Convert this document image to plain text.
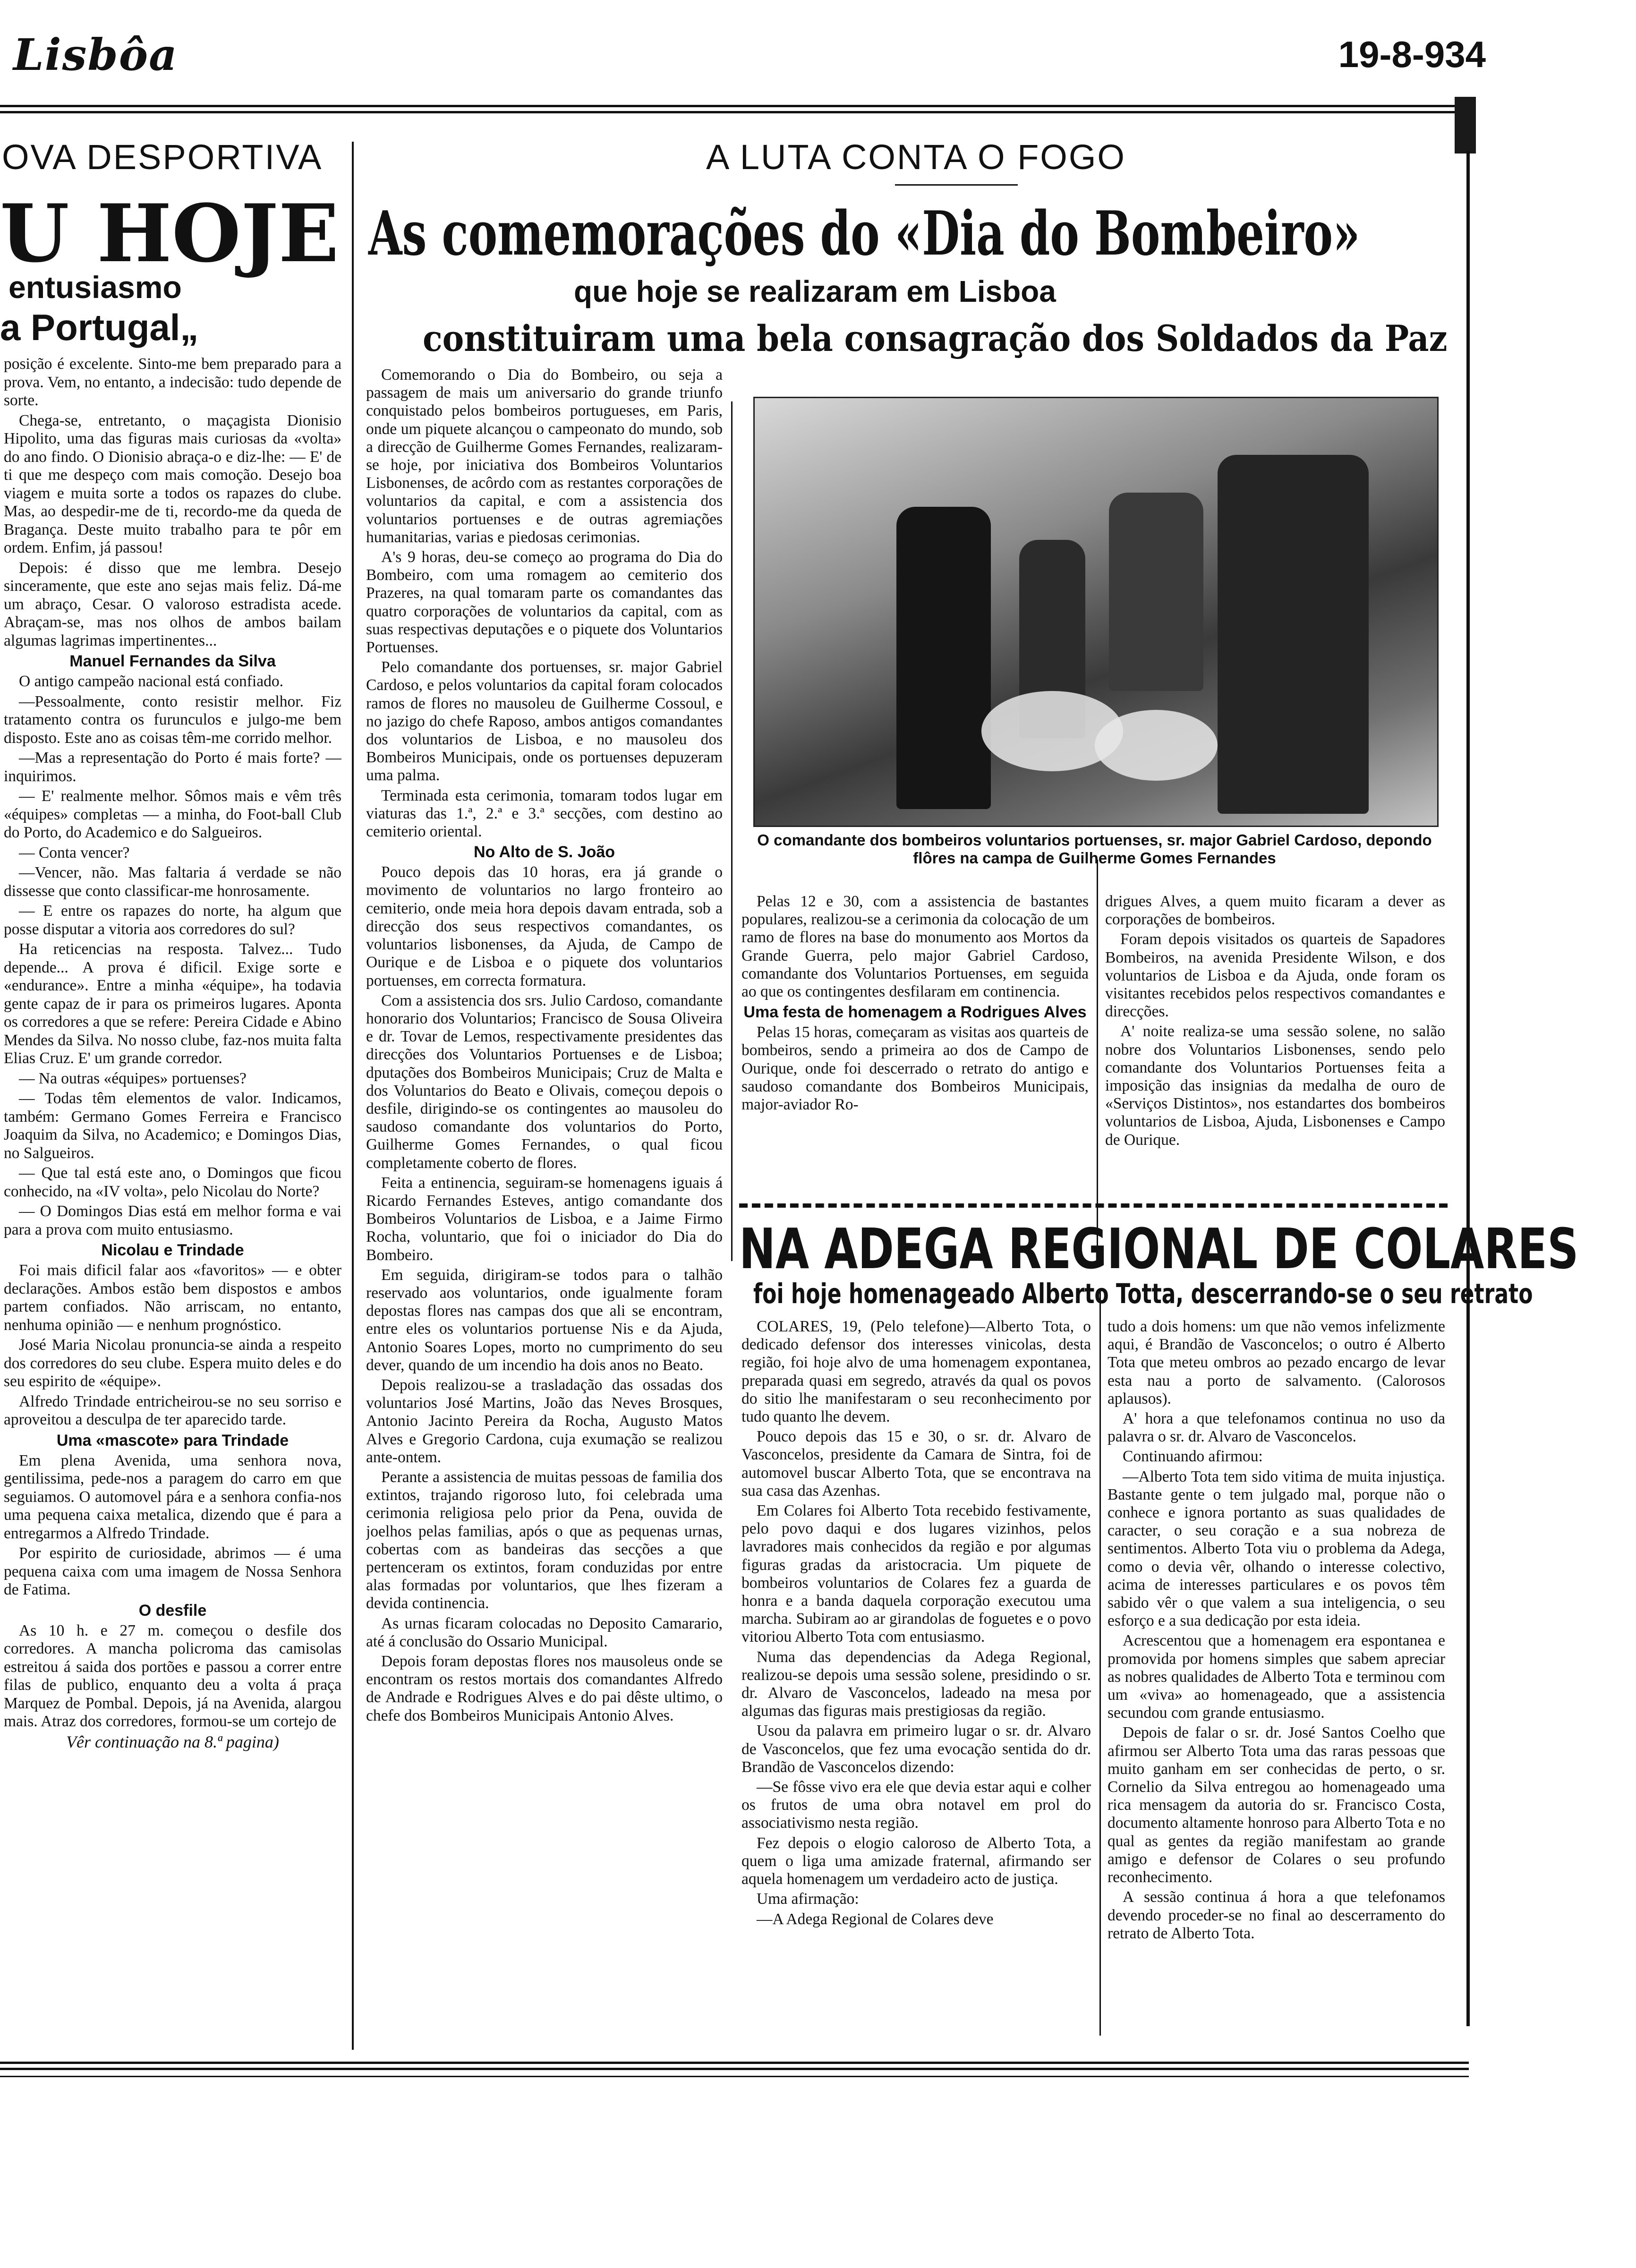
Lisbôa	19-8-934
ΟVA DESPORTIVA
U HOJE
entusiasmo
a Portugal„

posição é excelente. Sinto-me bem preparado para a prova. Vem, no entanto, a indecisão: tudo depende de sorte.

Chega-se, entretanto, o maçagista Dionisio Hipolito, uma das figuras mais curiosas da «volta» do ano findo. O Dionisio abraça-o e diz-lhe: — E' de ti que me despeço com mais comoção. Desejo boa viagem e muita sorte a todos os rapazes do clube. Mas, ao despedir-me de ti, recordo-me da queda de Bragança. Deste muito trabalho para te pôr em ordem. Enfim, já passou!

Depois: é disso que me lembra. Desejo sinceramente, que este ano sejas mais feliz. Dá-me um abraço, Cesar. O valoroso estradista acede. Abraçam-se, mas nos olhos de ambos bailam algumas lagrimas impertinentes...

Manuel Fernandes da Silva

O antigo campeão nacional está confiado.

—Pessoalmente, conto resistir melhor. Fiz tratamento contra os furunculos e julgo-me bem disposto. Este ano as coisas têm-me corrido melhor.

—Mas a representação do Porto é mais forte? — inquirimos.

— E' realmente melhor. Sômos mais e vêm três «équipes» completas — a minha, do Foot-ball Club do Porto, do Academico e do Salgueiros.

— Conta vencer?

—Vencer, não. Mas faltaria á verdade se não dissesse que conto classificar-me honrosamente.

— E entre os rapazes do norte, ha algum que posse disputar a vitoria aos corredores do sul?

Ha reticencias na resposta. Talvez... Tudo depende... A prova é dificil. Exige sorte e «endurance». Entre a minha «équipe», ha todavia gente capaz de ir para os primeiros lugares. Aponta os corredores a que se refere: Pereira Cidade e Abino Mendes da Silva. No nosso clube, faz-nos muita falta Elias Cruz. E' um grande corredor.

— Na outras «équipes» portuenses?

— Todas têm elementos de valor. Indicamos, também: Germano Gomes Ferreira e Francisco Joaquim da Silva, no Academico; e Domingos Dias, no Salgueiros.

— Que tal está este ano, o Domingos que ficou conhecido, na «IV volta», pelo Nicolau do Norte?

— O Domingos Dias está em melhor forma e vai para a prova com muito entusiasmo.

Nicolau e Trindade

Foi mais dificil falar aos «favoritos» — e obter declarações. Ambos estão bem dispostos e ambos partem confiados. Não arriscam, no entanto, nenhuma opinião — e nenhum prognóstico.

José Maria Nicolau pronuncia-se ainda a respeito dos corredores do seu clube. Espera muito deles e do seu espirito de «équipe».

Alfredo Trindade entricheirou-se no seu sorriso e aproveitou a desculpa de ter aparecido tarde.

Uma «mascote» para Trindade

Em plena Avenida, uma senhora nova, gentilissima, pede-nos a paragem do carro em que seguiamos. O automovel pára e a senhora confia-nos uma pequena caixa metalica, dizendo que é para a entregarmos a Alfredo Trindade.

Por espirito de curiosidade, abrimos — é uma pequena caixa com uma imagem de Nossa Senhora de Fatima.

O desfile

As 10 h. e 27 m. começou o desfile dos corredores. A mancha policroma das camisolas estreitou á saida dos portões e passou a correr entre filas de publico, enquanto deu a volta á praça Marquez de Pombal. Depois, já na Avenida, alargou mais. Atraz dos corredores, formou-se um cortejo de

Vêr continuação na 8.ª pagina)

A LUTA CONTA O FOGO
As comemorações do «Dia do Bombeiro»
que hoje se realizaram em Lisboa
constituiram uma bela consagração dos Soldados da Paz

Comemorando o Dia do Bombeiro, ou seja a passagem de mais um aniversario do grande triunfo conquistado pelos bombeiros portugueses, em Paris, onde um piquete alcançou o campeonato do mundo, sob a direcção de Guilherme Gomes Fernandes, realizaram-se hoje, por iniciativa dos Bombeiros Voluntarios Lisbonenses, de acôrdo com as restantes corporações de voluntarios da capital, e com a assistencia dos voluntarios portuenses e de outras agremiações humanitarias, varias e piedosas cerimonias.

A's 9 horas, deu-se começo ao programa do Dia do Bombeiro, com uma romagem ao cemiterio dos Prazeres, na qual tomaram parte os comandantes das quatro corporações de voluntarios da capital, com as suas respectivas deputações e o piquete dos Voluntarios Portuenses.

Pelo comandante dos portuenses, sr. major Gabriel Cardoso, e pelos voluntarios da capital foram colocados ramos de flores no mausoleu de Guilherme Cossoul, e no jazigo do chefe Raposo, ambos antigos comandantes dos voluntarios de Lisboa, e no mausoleu dos Bombeiros Municipais, onde os portuenses depuzeram uma palma.

Terminada esta cerimonia, tomaram todos lugar em viaturas das 1.ª, 2.ª e 3.ª secções, com destino ao cemiterio oriental.

No Alto de S. João

Pouco depois das 10 horas, era já grande o movimento de voluntarios no largo fronteiro ao cemiterio, onde meia hora depois davam entrada, sob a direcção dos seus respectivos comandantes, os voluntarios lisbonenses, da Ajuda, de Campo de Ourique e de Lisboa e o piquete dos voluntarios portuenses, em correcta formatura.

Com a assistencia dos srs. Julio Cardoso, comandante honorario dos Voluntarios; Francisco de Sousa Oliveira e dr. Tovar de Lemos, respectivamente presidentes das direcções dos Voluntarios Portuenses e de Lisboa; dputações dos Bombeiros Municipais; Cruz de Malta e dos Voluntarios do Beato e Olivais, começou depois o desfile, dirigindo-se os contingentes ao mausoleu do saudoso comandante dos voluntarios do Porto, Guilherme Gomes Fernandes, o qual ficou completamente coberto de flores.

Feita a entinencia, seguiram-se homenagens iguais á Ricardo Fernandes Esteves, antigo comandante dos Bombeiros Voluntarios de Lisboa, e a Jaime Firmo Rocha, voluntario, que foi o iniciador do Dia do Bombeiro.

Em seguida, dirigiram-se todos para o talhão reservado aos voluntarios, onde igualmente foram depostas flores nas campas dos que ali se encontram, entre eles os voluntarios portuense Nis e da Ajuda, Antonio Soares Lopes, morto no cumprimento do seu dever, quando de um incendio ha dois anos no Beato.

Depois realizou-se a trasladação das ossadas dos voluntarios José Martins, João das Neves Brosques, Antonio Jacinto Pereira da Rocha, Augusto Matos Alves e Gregorio Cardona, cuja exumação se realizou ante-ontem.

Perante a assistencia de muitas pessoas de familia dos extintos, trajando rigoroso luto, foi celebrada uma cerimonia religiosa pelo prior da Pena, ouvida de joelhos pelas familias, após o que as pequenas urnas, cobertas com as bandeiras das secções a que pertenceram os extintos, foram conduzidas por entre alas formadas por voluntarios, que lhes fizeram a devida continencia.

As urnas ficaram colocadas no Deposito Camarario, até á conclusão do Ossario Municipal.

Depois foram depostas flores nos mausoleus onde se encontram os restos mortais dos comandantes Alfredo de Andrade e Rodrigues Alves e do pai dêste ultimo, o chefe dos Bombeiros Municipais Antonio Alves.

O comandante dos bombeiros voluntarios portuenses, sr. major Gabriel Cardoso, depondo flôres na campa de Guilherme Gomes Fernandes

Pelas 12 e 30, com a assistencia de bastantes populares, realizou-se a cerimonia da colocação de um ramo de flores na base do monumento aos Mortos da Grande Guerra, pelo major Gabriel Cardoso, comandante dos Voluntarios Portuenses, em seguida ao que os contingentes desfilaram em continencia.

Uma festa de homenagem a Rodrigues Alves

Pelas 15 horas, começaram as visitas aos quarteis de bombeiros, sendo a primeira ao dos de Campo de Ourique, onde foi descerrado o retrato do antigo e saudoso comandante dos Bombeiros Municipais, major-aviador Ro-

drigues Alves, a quem muito ficaram a dever as corporações de bombeiros.

Foram depois visitados os quarteis de Sapadores Bombeiros, na avenida Presidente Wilson, e dos voluntarios de Lisboa e da Ajuda, onde foram os visitantes recebidos pelos respectivos comandantes e direcções.

A' noite realiza-se uma sessão solene, no salão nobre dos Voluntarios Lisbonenses, sendo pelo comandante dos Voluntarios Portuenses feita a imposição das insignias da medalha de ouro de «Serviços Distintos», nos estandartes dos bombeiros voluntarios de Lisboa, Ajuda, Lisbonenses e Campo de Ourique.

NA ADEGA REGIONAL DE COLARES
foi hoje homenageado Alberto Totta, descerrando-se o seu retrato

COLARES, 19, (Pelo telefone)—Alberto Tota, o dedicado defensor dos interesses vinicolas, desta região, foi hoje alvo de uma homenagem expontanea, preparada quasi em segredo, através da qual os povos do sitio lhe manifestaram o seu reconhecimento por tudo quanto lhe devem.

Pouco depois das 15 e 30, o sr. dr. Alvaro de Vasconcelos, presidente da Camara de Sintra, foi de automovel buscar Alberto Tota, que se encontrava na sua casa das Azenhas.

Em Colares foi Alberto Tota recebido festivamente, pelo povo daqui e dos lugares vizinhos, pelos lavradores mais conhecidos da região e por algumas figuras gradas da aristocracia. Um piquete de bombeiros voluntarios de Colares fez a guarda de honra e a banda daquela corporação executou uma marcha. Subiram ao ar girandolas de foguetes e o povo vitoriou Alberto Tota com entusiasmo.

Numa das dependencias da Adega Regional, realizou-se depois uma sessão solene, presidindo o sr. dr. Alvaro de Vasconcelos, ladeado na mesa por algumas das figuras mais prestigiosas da região.

Usou da palavra em primeiro lugar o sr. dr. Alvaro de Vasconcelos, que fez uma evocação sentida do dr. Brandão de Vasconcelos dizendo:

—Se fôsse vivo era ele que devia estar aqui e colher os frutos de uma obra notavel em prol do associativismo nesta região.

Fez depois o elogio caloroso de Alberto Tota, a quem o liga uma amizade fraternal, afirmando ser aquela homenagem um verdadeiro acto de justiça.

Uma afirmação:

—A Adega Regional de Colares deve

tudo a dois homens: um que não vemos infelizmente aqui, é Brandão de Vasconcelos; o outro é Alberto Tota que meteu ombros ao pezado encargo de levar esta nau a porto de salvamento. (Calorosos aplausos).

A' hora a que telefonamos continua no uso da palavra o sr. dr. Alvaro de Vasconcelos.

Continuando afirmou:

—Alberto Tota tem sido vitima de muita injustiça. Bastante gente o tem julgado mal, porque não o conhece e ignora portanto as suas qualidades de caracter, o seu coração e a sua nobreza de sentimentos. Alberto Tota viu o problema da Adega, como o devia vêr, olhando o interesse colectivo, acima de interesses particulares e os povos têm sabido vêr o que valem a sua inteligencia, o seu esforço e a sua dedicação por esta ideia.

Acrescentou que a homenagem era espontanea e promovida por homens simples que sabem apreciar as nobres qualidades de Alberto Tota e terminou com um «viva» ao homenageado, que a assistencia secundou com grande entusiasmo.

Depois de falar o sr. dr. José Santos Coelho que afirmou ser Alberto Tota uma das raras pessoas que muito ganham em ser conhecidas de perto, o sr. Cornelio da Silva entregou ao homenageado uma rica mensagem da autoria do sr. Francisco Costa, documento altamente honroso para Alberto Tota e no qual as gentes da região manifestam ao grande amigo e defensor de Colares o seu profundo reconhecimento.

A sessão continua á hora a que telefonamos devendo proceder-se no final ao descerramento do retrato de Alberto Tota.
